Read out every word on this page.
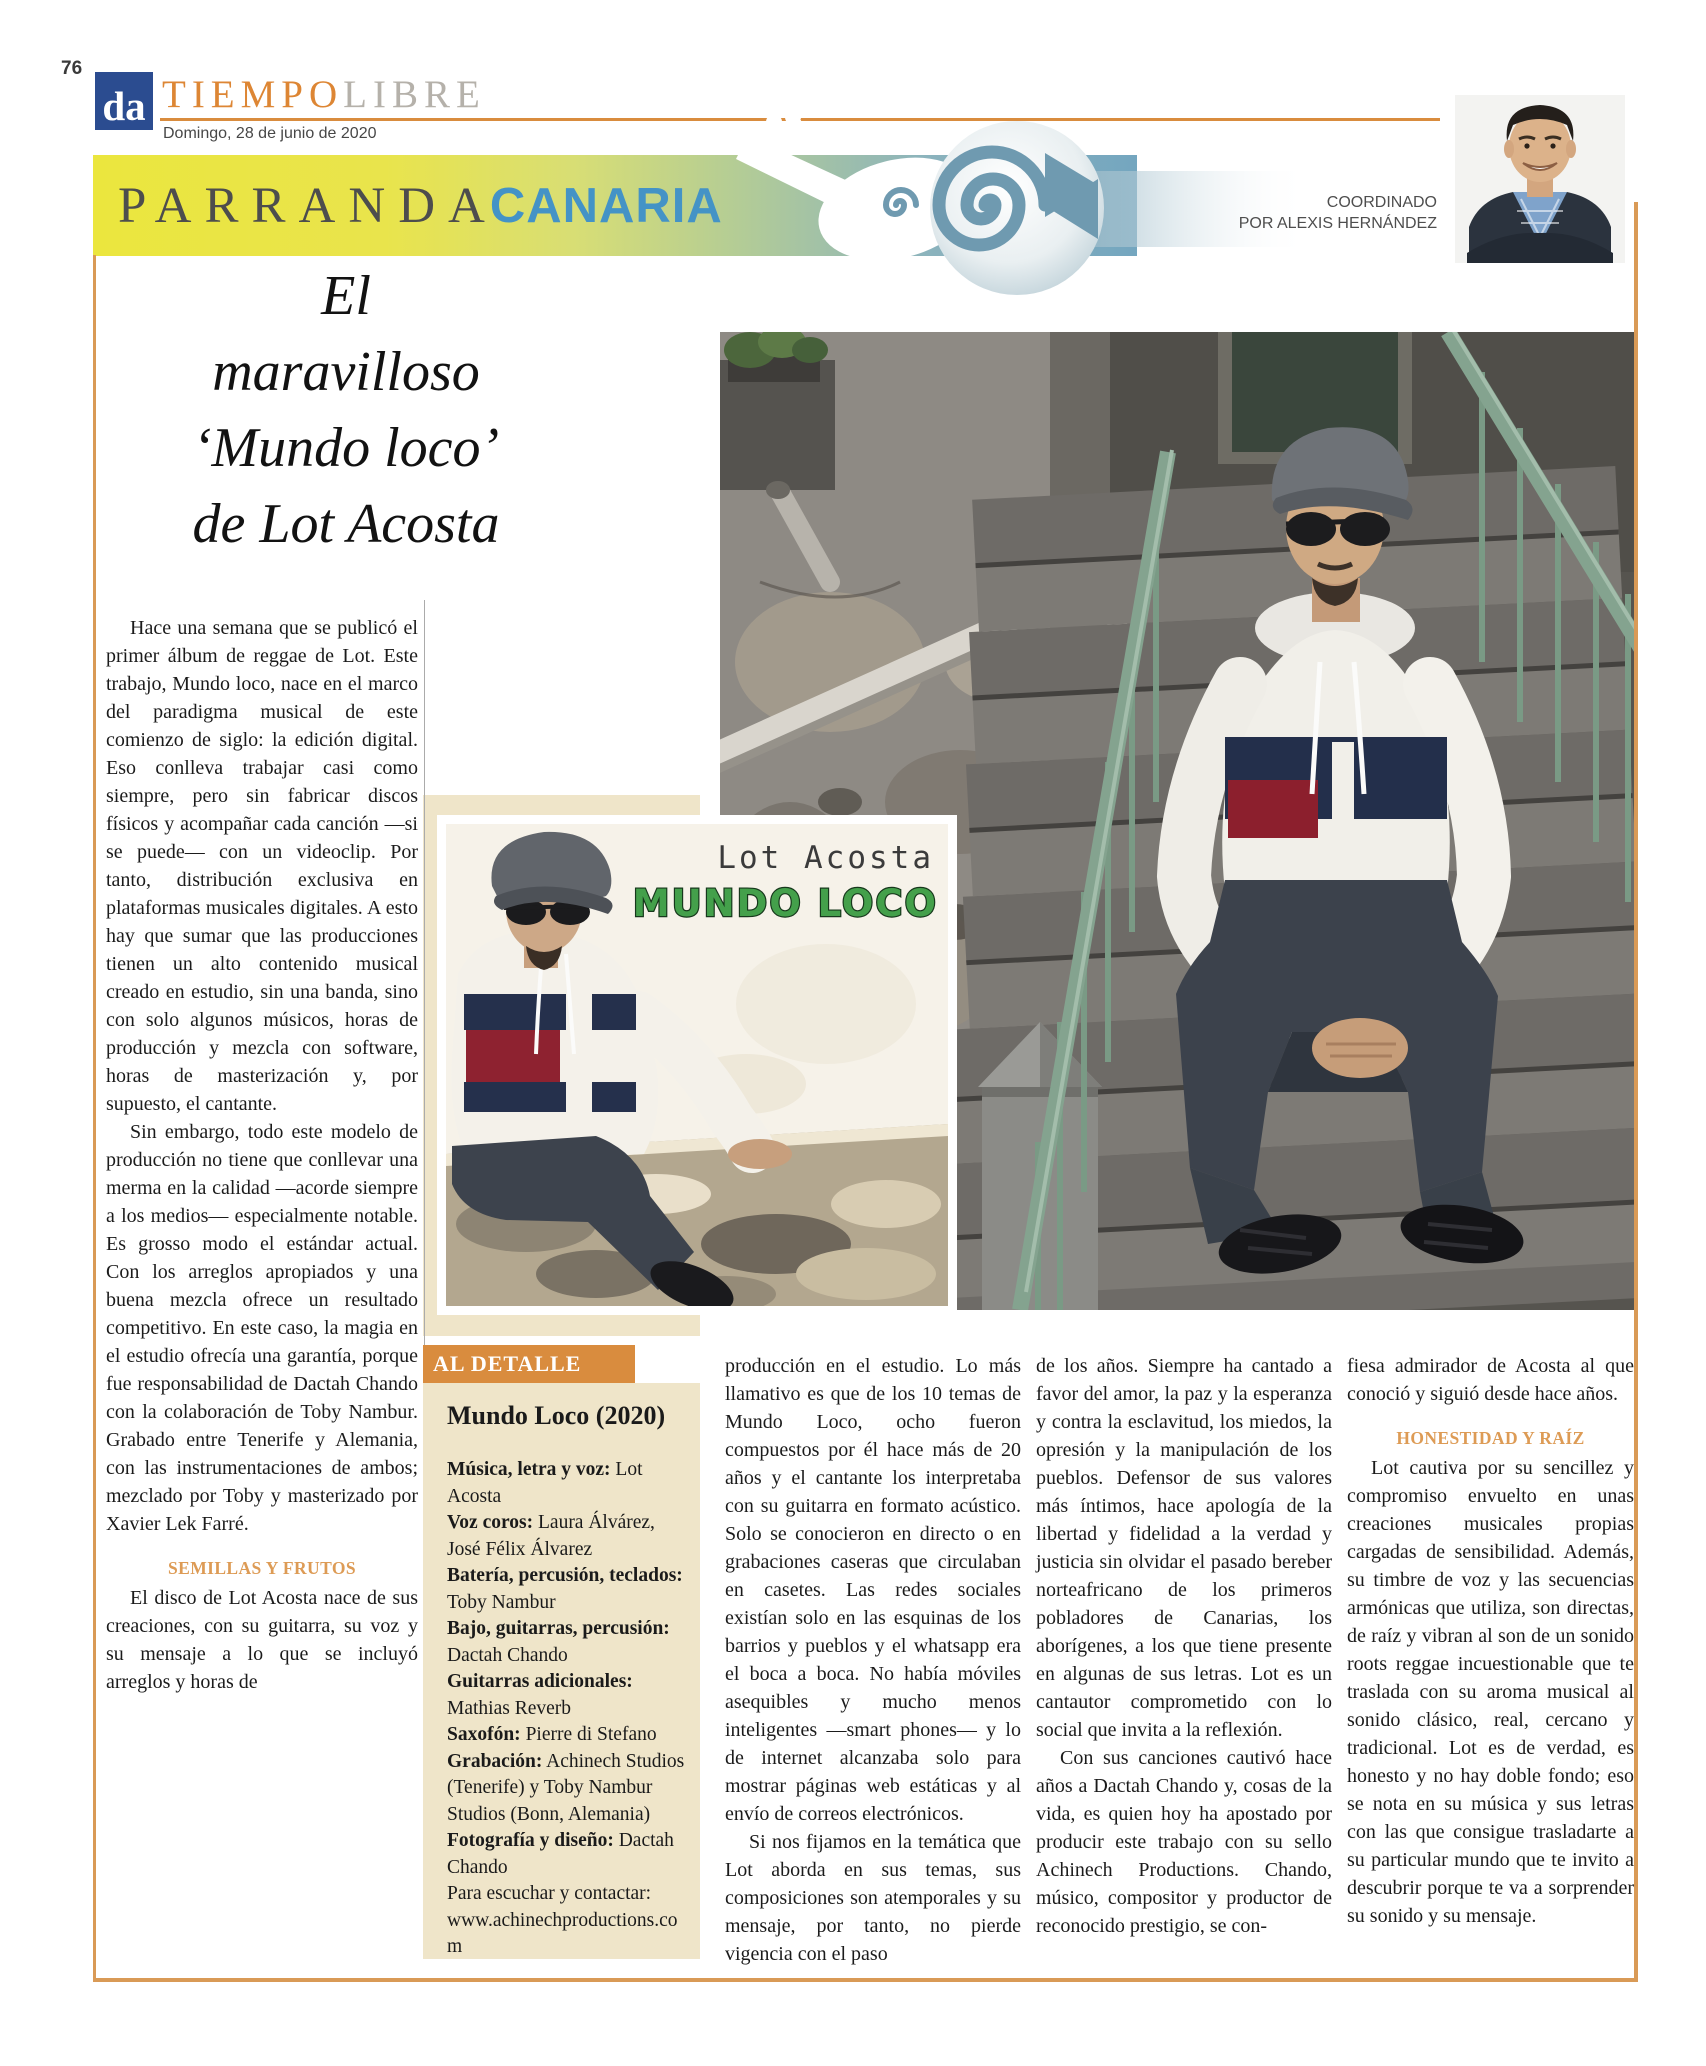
76
da TIEMPOLIBRE
Domingo, 28 de junio de 2020
PARRANDA
CANARIA	COORDINADO
POR ALEXIS HERNÁNDEZ
El
maravilloso
‘Mundo loco’
de Lot Acosta
Lot Acosta
MUNDO LOCO

Hace una semana que se publicó el primer álbum de reggae de Lot. Este trabajo, Mundo loco, nace en el marco del paradigma musical de este comienzo de siglo: la edición digital. Eso conlleva trabajar casi como siempre, pero sin fabricar discos físicos y acompañar cada canción —si se puede— con un videoclip. Por tanto, distribución exclusiva en plataformas musicales digitales. A esto hay que sumar que las producciones tienen un alto contenido musical creado en estudio, sin una banda, sino con solo algunos músicos, horas de producción y mezcla con software, horas de masterización y, por supuesto, el cantante.

Sin embargo, todo este modelo de producción no tiene que conllevar una merma en la calidad —acorde siempre a los medios— especialmente notable. Es grosso modo el estándar actual. Con los arreglos apropiados y una buena mezcla ofrece un resultado competitivo. En este caso, la magia en el estudio ofrecía una garantía, porque fue responsabilidad de Dactah Chando con la colaboración de Toby Nambur. Grabado entre Tenerife y Alemania, con las instrumentaciones de ambos; mezclado por Toby y masterizado por Xavier Lek Farré.

SEMILLAS Y FRUTOS

El disco de Lot Acosta nace de sus creaciones, con su guitarra, su voz y su mensaje a lo que se incluyó arreglos y horas de

AL DETALLE

Mundo Loco (2020)

Música, letra y voz: Lot Acosta
Voz coros: Laura Álvárez, José Félix Álvarez
Batería, percusión, teclados: Toby Nambur
Bajo, guitarras, percusión: Dactah Chando
Guitarras adicionales: Mathias Reverb
Saxofón: Pierre di Stefano
Grabación: Achinech Studios (Tenerife) y Toby Nambur Studios (Bonn, Alemania)
Fotografía y diseño: Dactah Chando
Para escuchar y contactar:
www.achinechproductions.com

producción en el estudio. Lo más llamativo es que de los 10 temas de Mundo Loco, ocho fueron compuestos por él hace más de 20 años y el cantante los interpretaba con su guitarra en formato acústico. Solo se conocieron en directo o en grabaciones caseras que circulaban en casetes. Las redes sociales existían solo en las esquinas de los barrios y pueblos y el whatsapp era el boca a boca. No había móviles asequibles y mucho menos inteligentes —smart phones— y lo de internet alcanzaba solo para mostrar páginas web estáticas y al envío de correos electrónicos.

Si nos fijamos en la temática que Lot aborda en sus temas, sus composiciones son atemporales y su mensaje, por tanto, no pierde vigencia con el paso

de los años. Siempre ha cantado a favor del amor, la paz y la esperanza y contra la esclavitud, los miedos, la opresión y la manipulación de los pueblos. Defensor de sus valores más íntimos, hace apología de la libertad y fidelidad a la verdad y justicia sin olvidar el pasado bereber norteafricano de los primeros pobladores de Canarias, los aborígenes, a los que tiene presente en algunas de sus letras. Lot es un cantautor comprometido con lo social que invita a la reflexión.

Con sus canciones cautivó hace años a Dactah Chando y, cosas de la vida, es quien hoy ha apostado por producir este trabajo con su sello Achinech Productions. Chando, músico, compositor y productor de reconocido prestigio, se con-

fiesa admirador de Acosta al que conoció y siguió desde hace años.

HONESTIDAD Y RAÍZ

Lot cautiva por su sencillez y compromiso envuelto en unas creaciones musicales propias cargadas de sensibilidad. Además, su timbre de voz y las secuencias armónicas que utiliza, son directas, de raíz y vibran al son de un sonido roots reggae incuestionable que te traslada con su aroma musical al sonido clásico, real, cercano y tradicional. Lot es de verdad, es honesto y no hay doble fondo; eso se nota en su música y sus letras con las que consigue trasladarte a su particular mundo que te invito a descubrir porque te va a sorprender su sonido y su mensaje.
